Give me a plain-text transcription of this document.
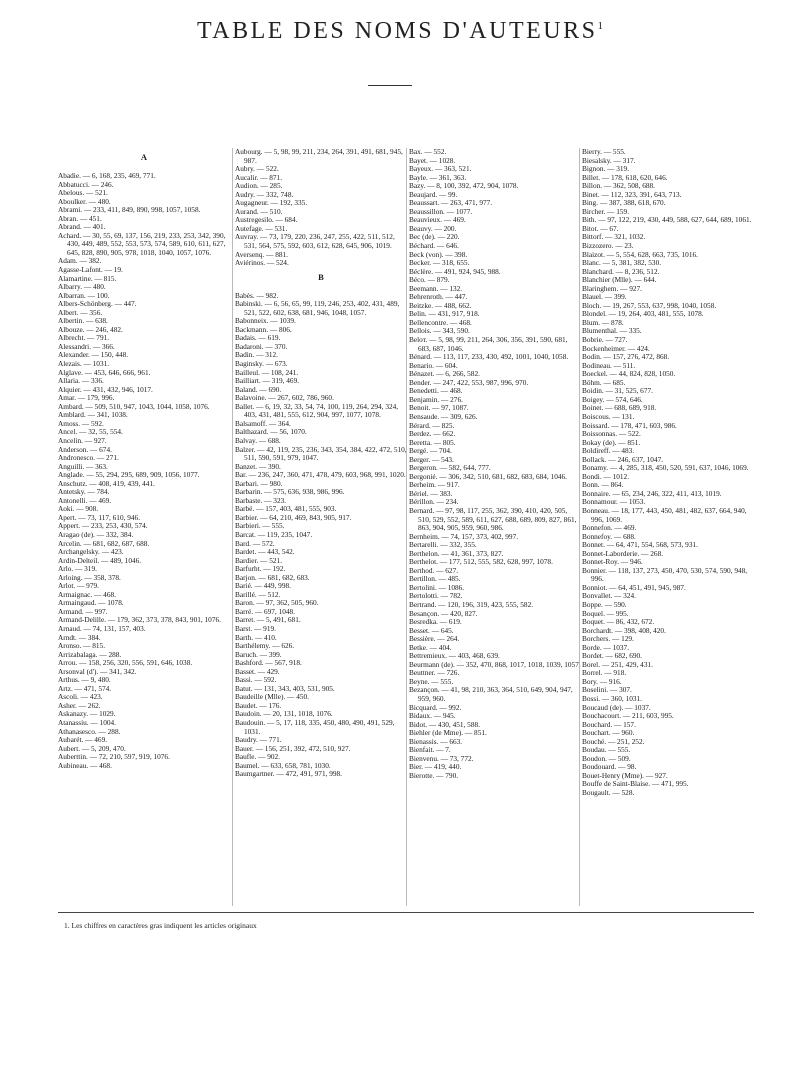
TABLE DES NOMS D'AUTEURS$^1$
A
Abadie. — 6, 168, 235, 469, 771.
Abbatucci. — 246.
Abelous. — 521.
Aboulker. — 480.
Abrami. — 233, 411, 849, 890, 998, 1057, 1058.
Abran. — 451.
Abrand. — 401.
Achard. — 30, 55, 69, 137, 156, 219, 233, 253, 342, 390, 430, 449, 489, 552, 553, 573, 574, 589, 610, 611, 627, 645, 828, 890, 905, 978, 1018, 1040, 1057, 1076.
Adam. — 382.
Agasse-Lafont. — 19.
Alamartine. — 815.
Albarry. — 480.
Albarran. — 100.
Albers-Schönberg. — 447.
Albert. — 356.
Albertin. — 638.
Albouze. — 246, 482.
Albrecht. — 791.
Alessandri. — 366.
Alexander. — 150, 448.
Alezais. — 1031.
Alglave. — 453, 646, 666, 961.
Allaria. — 336.
Alquier. — 431, 432, 946, 1017.
Amar. — 179, 996.
Ambard. — 509, 510, 947, 1043, 1044, 1058, 1076.
Amblard. — 341, 1038.
Amoss. — 592.
Ancel. — 32, 55, 554.
Ancelin. — 927.
Anderson. — 674.
Andronesco. — 271.
Anguilli. — 363.
Anglade. — 55, 294, 295, 689, 909, 1056, 1077.
Anschutz. — 408, 419, 439, 441.
Antetsky. — 784.
Antonelli. — 469.
Aoki. — 908.
Apert. — 73, 117, 610, 946.
Appert. — 233, 253, 430, 574.
Aragao (de). — 332, 384.
Arcelin. — 681, 682, 687, 688.
Archangelsky. — 423.
Ardin-Delteil. — 489, 1046.
Arlo. — 319.
Arloing. — 358, 378.
Arlot. — 979.
Armaignac. — 468.
Armaingaud. — 1078.
Armand. — 997.
Armand-Delille. — 179, 362, 373, 378, 843, 901, 1076.
Arnaud. — 74, 131, 157, 403.
Arndt. — 384.
Aronso. — 815.
Arrizabalaga. — 288.
Arrou. — 158, 256, 320, 556, 591, 646, 1038.
Arsonval (d'). — 341, 342.
Arthus. — 9, 480.
Artz. — 471, 574.
Ascoli. — 423.
Asher. — 262.
Askanazy. — 1029.
Atanassiu. — 1004.
Athanasesco. — 288.
Aubarét. — 469.
Aubert. — 5, 209, 470.
Auberttin. — 72, 210, 597, 919, 1076.
Aubineau. — 468.
Aubourg. — 5, 98, 99, 211, 234, 264, 391, 491, 681, 945, 987.
Aubry. — 522.
Aucalir. — 871.
Audion. — 285.
Audry. — 332, 748.
Augagneur. — 192, 335.
Aurand. — 510.
Austregesilo. — 684.
Autefage. — 531.
Auvray. — 73, 179, 220, 236, 247, 255, 422, 511, 512, 531, 564, 575, 592, 603, 612, 628, 645, 906, 1019.
Aversenq. — 881.
Aviérinos. — 524.
B
Babès. — 982.
Babinski. — 6, 56, 65, 99, 119, 246, 253, 402, 431, 489, 521, 522, 602, 638, 681, 946, 1048, 1057.
Babonneix. — 1039.
Backmann. — 806.
Badais. — 619.
Badaroni. — 370.
Badin. — 312.
Baginsky. — 673.
Bailleul. — 108, 241.
Bailliart. — 319, 469.
Baland. — 690.
Balavoine. — 267, 602, 786, 960.
Ballet. — 6, 19, 32, 33, 54, 74, 100, 119, 264, 294, 324, 403, 431, 481, 555, 612, 904, 997, 1077, 1078.
Balsamoff. — 364.
Balthazard. — 56, 1070.
Balvay. — 688.
Balzer. — 42, 119, 235, 236, 343, 354, 384, 422, 472, 510, 511, 590, 591, 979, 1047.
Banzet. — 390.
Bar. — 236, 247, 360, 471, 478, 479, 603, 968, 991, 1020.
Barbari. — 980.
Barbarin. — 575, 636, 938, 986, 996.
Barbaste. — 323.
Barbé. — 157, 403, 481, 555, 903.
Barbier. — 64, 210, 469, 843, 905, 917.
Barbieri. — 555.
Barcat. — 119, 235, 1047.
Bard. — 572.
Bardet. — 443, 542.
Bardier. — 521.
Barfurht. — 192.
Barjon. — 681, 682, 683.
Barié. — 449, 998.
Barillé. — 512.
Baron. — 97, 362, 505, 960.
Barré. — 697, 1048.
Barret. — 5, 491, 681.
Barst. — 919.
Barth. — 410.
Barthélemy. — 626.
Baruch. — 399.
Bashford. — 567, 918.
Basset. — 429.
Bassi. — 592.
Batut. — 131, 343, 403, 531, 905.
Baudeille (Mlle). — 450.
Baudet. — 176.
Baudoin. — 20, 131, 1018, 1076.
Baudouin. — 5, 17, 118, 335, 450, 480, 490, 491, 529, 1031.
Baudry. — 771.
Bauer. — 156, 251, 392, 472, 510, 927.
Baufle. — 902.
Baumel. — 633, 658, 781, 1030.
Baumgartner. — 472, 491, 971, 998.
Bax. — 552.
Bayet. — 1028.
Bayeux. — 363, 521.
Bayle. — 361, 363.
Bazy. — 8, 100, 392, 472, 904, 1078.
Beaujard. — 99.
Beaussart. — 263, 471, 977.
Beaussillon. — 1077.
Beauvieux. — 469.
Beauvy. — 200.
Bec (de). — 220.
Béchard. — 646.
Beck (von). — 398.
Becker. — 318, 655.
Béclère. — 491, 924, 945, 988.
Béco. — 879.
Beemann. — 132.
Behrenroth. — 447.
Beitzke. — 488, 662.
Belin. — 431, 917, 918.
Bellencontre. — 468.
Bellois. — 343, 590.
Beloт. — 5, 98, 99, 211, 264, 306, 356, 391, 590, 681, 683, 687, 1046.
Bénard. — 113, 117, 233, 430, 492, 1001, 1040, 1058.
Benario. — 604.
Bénazet. — 6, 266, 582.
Bender. — 247, 422, 553, 987, 996, 970.
Benedetti. — 468.
Benjamin. — 276.
Benoit. — 97, 1087.
Bensaude. — 309, 626.
Bérard. — 825.
Berdez. — 662.
Beretta. — 805.
Bergé. — 704.
Berger. — 543.
Bergeron. — 582, 644, 777.
Bergonié. — 306, 342, 510, 681, 682, 683, 684, 1046.
Berheim. — 917.
Bériel. — 383.
Bérillon. — 234.
Bernard. — 97, 98, 117, 255, 362, 390, 410, 420, 505, 510, 529, 552, 589, 611, 627, 688, 689, 809, 827, 861, 863, 904, 905, 959, 960, 986.
Bernheim. — 74, 157, 373, 402, 997.
Bertarelli. — 332, 355.
Berthelon. — 41, 361, 373, 827.
Berthelot. — 177, 512, 555, 582, 628, 997, 1078.
Berthod. — 627.
Bertillon. — 485.
Bertolini. — 1086.
Bertolotti. — 782.
Bertrand. — 120, 196, 319, 423, 555, 582.
Besançon. — 420, 827.
Besredka. — 619.
Besset. — 645.
Bessière. — 264.
Betke. — 404.
Bettremieux. — 403, 468, 639.
Beurmann (de). — 352, 470, 868, 1017, 1018, 1039, 1057.
Beuttner. — 726.
Beyne. — 555.
Bezançon. — 41, 98, 210, 363, 364, 510, 649, 904, 947, 959, 960.
Bicquard. — 992.
Bidaux. — 945.
Bidot. — 430, 451, 588.
Biehler (de Mme). — 851.
Bienassis. — 663.
Bienfait. — 7.
Bienvenu. — 73, 772.
Bier. — 419, 440.
Bierotte. — 790.
Bierry. — 555.
Biesalsky. — 317.
Bignon. — 319.
Billet. — 178, 618, 620, 646.
Billon. — 362, 508, 688.
Binet. — 112, 323, 391, 643, 713.
Bing. — 387, 388, 618, 670.
Bircher. — 159.
Bith. — 97, 122, 219, 430, 449, 588, 627, 644, 689, 1061.
Bitot. — 67.
Bittorf. — 321, 1032.
Bizzozero. — 23.
Blaizot. — 5, 554, 628, 663, 735, 1016.
Blanc. — 5, 381, 382, 530.
Blanchard. — 8, 236, 512.
Blanchier (Mlle). — 644.
Blaringhem. — 927.
Blauel. — 399.
Bloch. — 19, 267, 553, 637, 998, 1040, 1058.
Blondel. — 19, 264, 403, 481, 555, 1078.
Blum. — 878.
Blumenthal. — 335.
Bobrie. — 727.
Bockenheimer. — 424.
Bodin. — 157, 276, 472, 868.
Bodineau. — 511.
Boeckel. — 44, 824, 828, 1050.
Böhm. — 685.
Boidin. — 31, 525, 677.
Boigey. — 574, 646.
Boinet. — 688, 689, 918.
Boiscous. — 131.
Boissard. — 178, 471, 603, 986.
Boissonnas. — 522.
Bokay (de). — 851.
Boldireff. — 483.
Bollack. — 246, 637, 1047.
Bonamy. — 4, 285, 318, 450, 520, 591, 637, 1046, 1069.
Bondi. — 1012.
Bonn. — 864.
Bonnaire. — 65, 234, 246, 322, 411, 413, 1019.
Bonnamour. — 1053.
Bonneau. — 18, 177, 443, 450, 481, 482, 637, 664, 940, 996, 1069.
Bonnefon. — 469.
Bonnefoy. — 688.
Bonnet. — 64, 471, 554, 568, 573, 931.
Bonnet-Laborderie. — 268.
Bonnet-Roy. — 946.
Bonnier. — 118, 137, 273, 450, 470, 530, 574, 590, 948, 996.
Bonniot. — 64, 451, 491, 945, 987.
Bonvallet. — 324.
Boppe. — 590.
Boquel. — 995.
Boquet. — 86, 432, 672.
Borchardt. — 398, 408, 420.
Borchers. — 129.
Borde. — 1037.
Bordet. — 682, 690.
Borel. — 251, 429, 431.
Borrel. — 918.
Bory. — 916.
Boselini. — 307.
Bossi. — 360, 1031.
Boucaud (de). — 1037.
Bouchacourt. — 211, 603, 995.
Bouchard. — 157.
Bouchart. — 960.
Bouché. — 251, 252.
Boudau. — 555.
Boudon. — 509.
Boudouard. — 98.
Bouet-Henry (Mme). — 927.
Bouffe de Saint-Blaise. — 471, 995.
Bougault. — 528.
1. Les chiffres en caractères gras indiquent les articles originaux
